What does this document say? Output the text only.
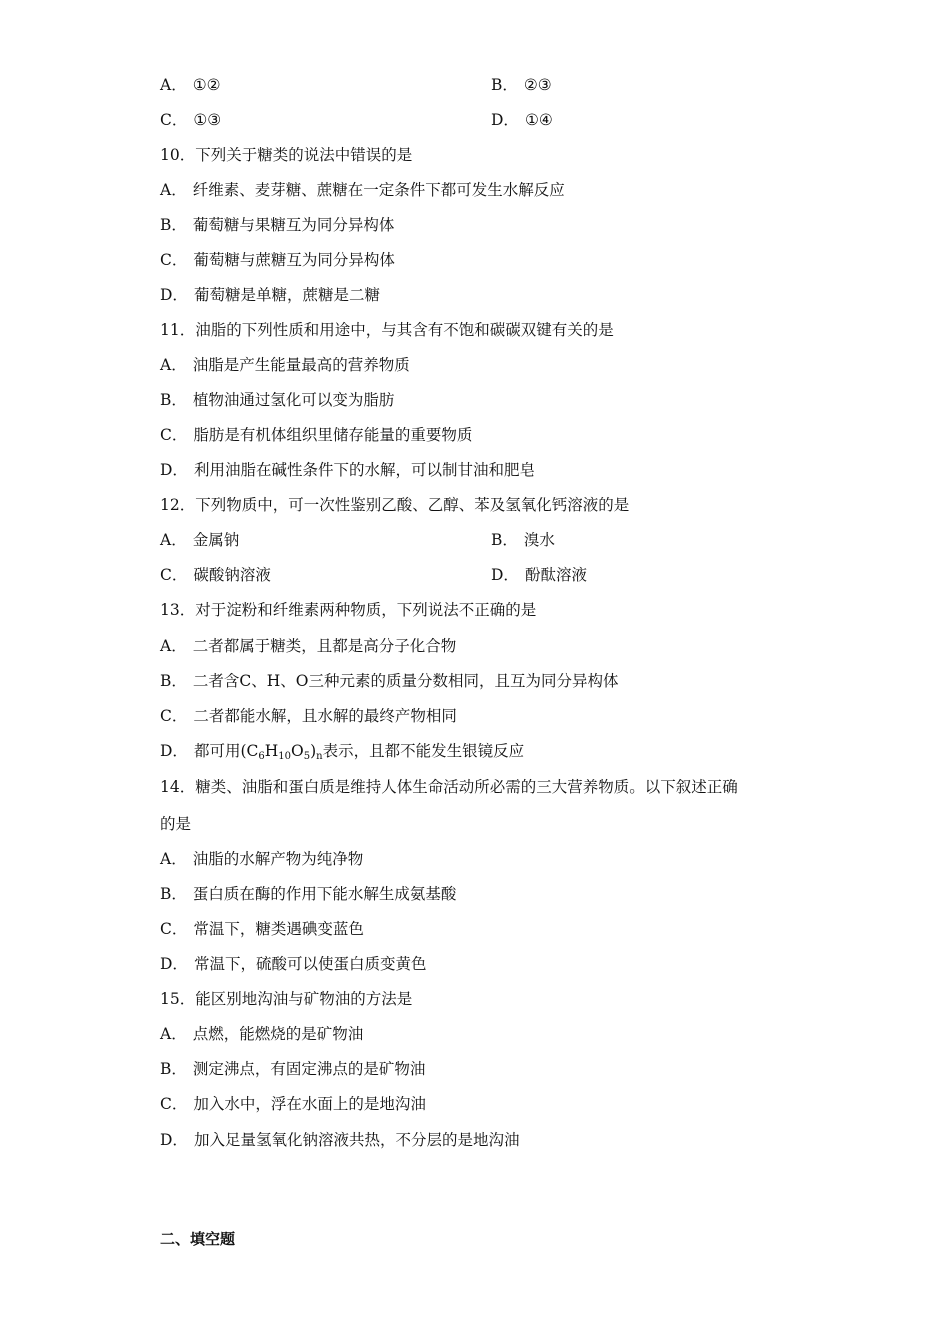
A． ①②	B． ②③
C． ①③	D． ①④
10．下列关于糖类的说法中错误的是
A． 纤维素、麦芽糖、蔗糖在一定条件下都可发生水解反应
B． 葡萄糖与果糖互为同分异构体
C． 葡萄糖与蔗糖互为同分异构体
D． 葡萄糖是单糖，蔗糖是二糖
11．油脂的下列性质和用途中，与其含有不饱和碳碳双键有关的是
A． 油脂是产生能量最高的营养物质
B． 植物油通过氢化可以变为脂肪
C． 脂肪是有机体组织里储存能量的重要物质
D． 利用油脂在碱性条件下的水解，可以制甘油和肥皂
12．下列物质中，可一次性鉴别乙酸、乙醇、苯及氢氧化钙溶液的是
A． 金属钠	B． 溴水
C． 碳酸钠溶液	D． 酚酞溶液
13．对于淀粉和纤维素两种物质，下列说法不正确的是
A． 二者都属于糖类，且都是高分子化合物
B． 二者含C、H、O三种元素的质量分数相同，且互为同分异构体
C． 二者都能水解，且水解的最终产物相同
D． 都可用$(C_6H_{10}O_5)_n$表示，且都不能发生银镜反应
14．糖类、油脂和蛋白质是维持人体生命活动所必需的三大营养物质。以下叙述正确
的是
A． 油脂的水解产物为纯净物
B． 蛋白质在酶的作用下能水解生成氨基酸
C． 常温下，糖类遇碘变蓝色
D． 常温下，硫酸可以使蛋白质变黄色
15．能区别地沟油与矿物油的方法是
A． 点燃，能燃烧的是矿物油
B． 测定沸点，有固定沸点的是矿物油
C． 加入水中，浮在水面上的是地沟油
D． 加入足量氢氧化钠溶液共热，不分层的是地沟油
二、填空题
